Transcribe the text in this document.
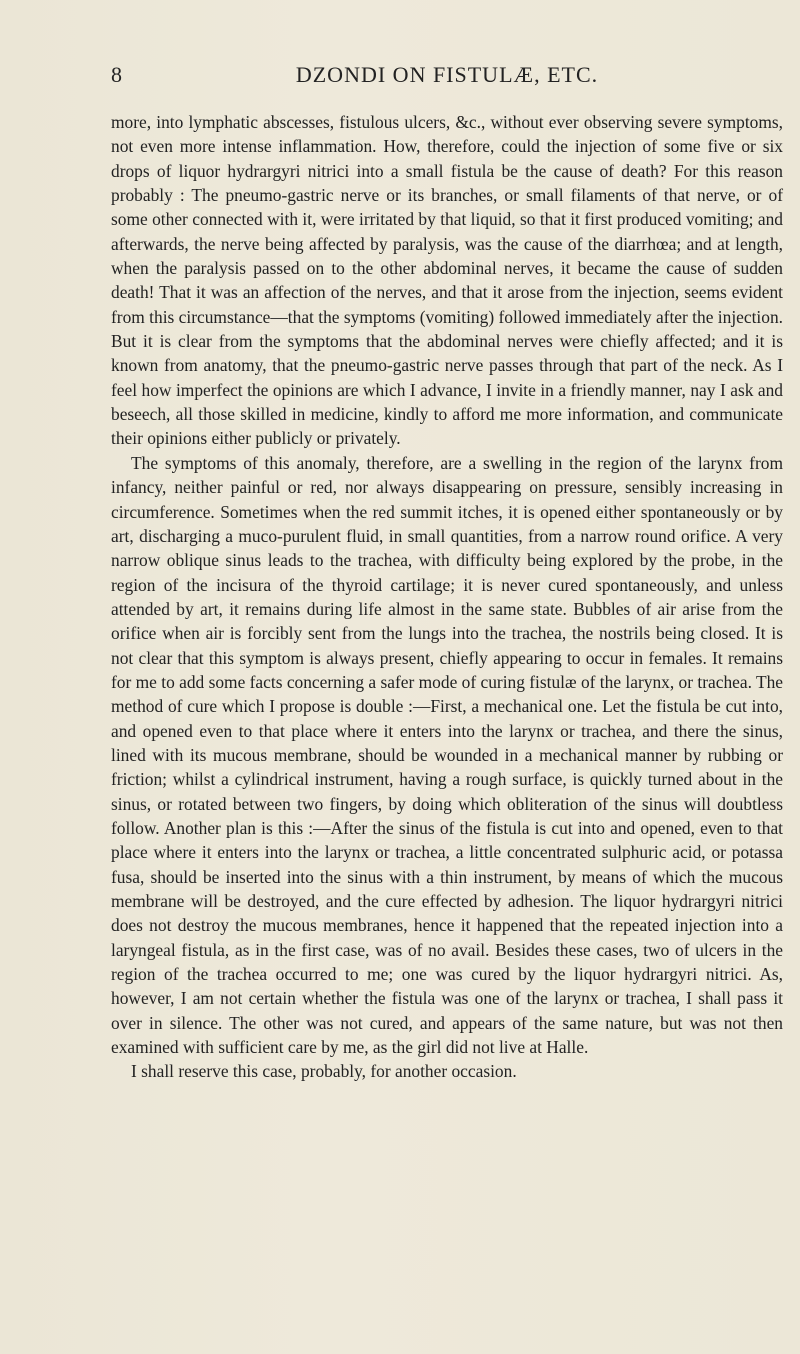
8	DZONDI ON FISTULÆ, ETC.

more, into lymphatic abscesses, fistulous ulcers, &c., without ever observing severe symptoms, not even more intense inflammation. How, therefore, could the injection of some five or six drops of liquor hydrargyri nitrici into a small fistula be the cause of death? For this reason probably : The pneumo-gastric nerve or its branches, or small filaments of that nerve, or of some other connected with it, were irritated by that liquid, so that it first produced vomiting; and afterwards, the nerve being affected by paralysis, was the cause of the diarrhœa; and at length, when the paralysis passed on to the other abdominal nerves, it became the cause of sudden death! That it was an affection of the nerves, and that it arose from the injection, seems evident from this circumstance—that the symptoms (vomiting) followed immediately after the injection. But it is clear from the symptoms that the abdominal nerves were chiefly affected; and it is known from anatomy, that the pneumo-gastric nerve passes through that part of the neck. As I feel how imperfect the opinions are which I advance, I invite in a friendly manner, nay I ask and beseech, all those skilled in medicine, kindly to afford me more information, and communicate their opinions either publicly or privately.

The symptoms of this anomaly, therefore, are a swelling in the region of the larynx from infancy, neither painful or red, nor always disappearing on pressure, sensibly increasing in circumference. Sometimes when the red summit itches, it is opened either spontaneously or by art, discharging a muco-purulent fluid, in small quantities, from a narrow round orifice. A very narrow oblique sinus leads to the trachea, with difficulty being explored by the probe, in the region of the incisura of the thyroid cartilage; it is never cured spontaneously, and unless attended by art, it remains during life almost in the same state. Bubbles of air arise from the orifice when air is forcibly sent from the lungs into the trachea, the nostrils being closed. It is not clear that this symptom is always present, chiefly appearing to occur in females. It remains for me to add some facts concerning a safer mode of curing fistulæ of the larynx, or trachea. The method of cure which I propose is double :—First, a mechanical one. Let the fistula be cut into, and opened even to that place where it enters into the larynx or trachea, and there the sinus, lined with its mucous membrane, should be wounded in a mechanical manner by rubbing or friction; whilst a cylindrical instrument, having a rough surface, is quickly turned about in the sinus, or rotated between two fingers, by doing which obliteration of the sinus will doubtless follow. Another plan is this :—After the sinus of the fistula is cut into and opened, even to that place where it enters into the larynx or trachea, a little concentrated sulphuric acid, or potassa fusa, should be inserted into the sinus with a thin instrument, by means of which the mucous membrane will be destroyed, and the cure effected by adhesion. The liquor hydrargyri nitrici does not destroy the mucous membranes, hence it happened that the repeated injection into a laryngeal fistula, as in the first case, was of no avail. Besides these cases, two of ulcers in the region of the trachea occurred to me; one was cured by the liquor hydrargyri nitrici. As, however, I am not certain whether the fistula was one of the larynx or trachea, I shall pass it over in silence. The other was not cured, and appears of the same nature, but was not then examined with sufficient care by me, as the girl did not live at Halle.

I shall reserve this case, probably, for another occasion.
